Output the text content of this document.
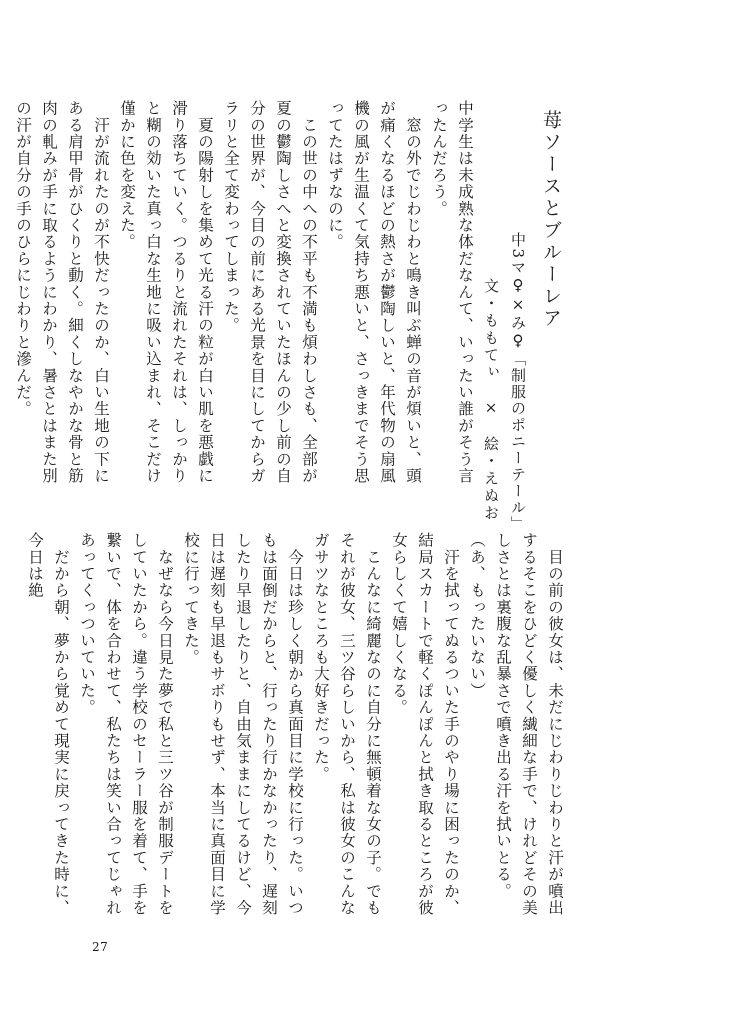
苺ソースとブルーレア
中3マ♀×み♀「制服のポニーテール」
文・ももてぃ　×　絵・えぬお
中学生は未成熟な体だなんて、いったい誰がそう言ったんだろう。
　窓の外でじわじわと鳴き叫ぶ蝉の音が煩いと、頭が痛くなるほどの熱さが鬱陶しいと、年代物の扇風機の風が生温くて気持ち悪いと、さっきまでそう思ってたはずなのに。
　この世の中への不平も不満も煩わしさも、全部が夏の鬱陶しさへと変換されていたほんの少し前の自分の世界が、今目の前にある光景を目にしてからガラリと全て変わってしまった。
　夏の陽射しを集めて光る汗の粒が白い肌を悪戯に滑り落ちていく。つるりと流れたそれは、しっかりと糊の効いた真っ白な生地に吸い込まれ、そこだけ僅かに色を変えた。
　汗が流れたのが不快だったのか、白い生地の下にある肩甲骨がひくりと動く。細くしなやかな骨と筋肉の軋みが手に取るようにわかり、暑さとはまた別の汗が自分の手のひらにじわりと滲んだ。
　目の前の彼女は、未だにじわりじわりと汗が噴出するそこをひどく優しく繊細な手で、けれどその美しさとは裏腹な乱暴さで噴き出る汗を拭いとる。
（あ、もったいない）
　汗を拭ってぬるついた手のやり場に困ったのか、結局スカートで軽くぽんぽんと拭き取るところが彼女らしくて嬉しくなる。
　こんなに綺麗なのに自分に無頓着な女の子。でもそれが彼女、三ツ谷らしいから、私は彼女のこんなガサツなところも大好きだった。
　今日は珍しく朝から真面目に学校に行った。いつもは面倒だからと、行ったり行かなかったり、遅刻したり早退したりと、自由気ままにしてるけど、今日は遅刻も早退もサボりもせず、本当に真面目に学校に行ってきた。
　なぜなら今日見た夢で私と三ツ谷が制服デートをしていたから。違う学校のセーラー服を着て、手を繋いで、体を合わせて、私たちは笑い合ってじゃれあってくっついていた。
　だから朝、夢から覚めて現実に戻ってきた時に、今日は絶
27
